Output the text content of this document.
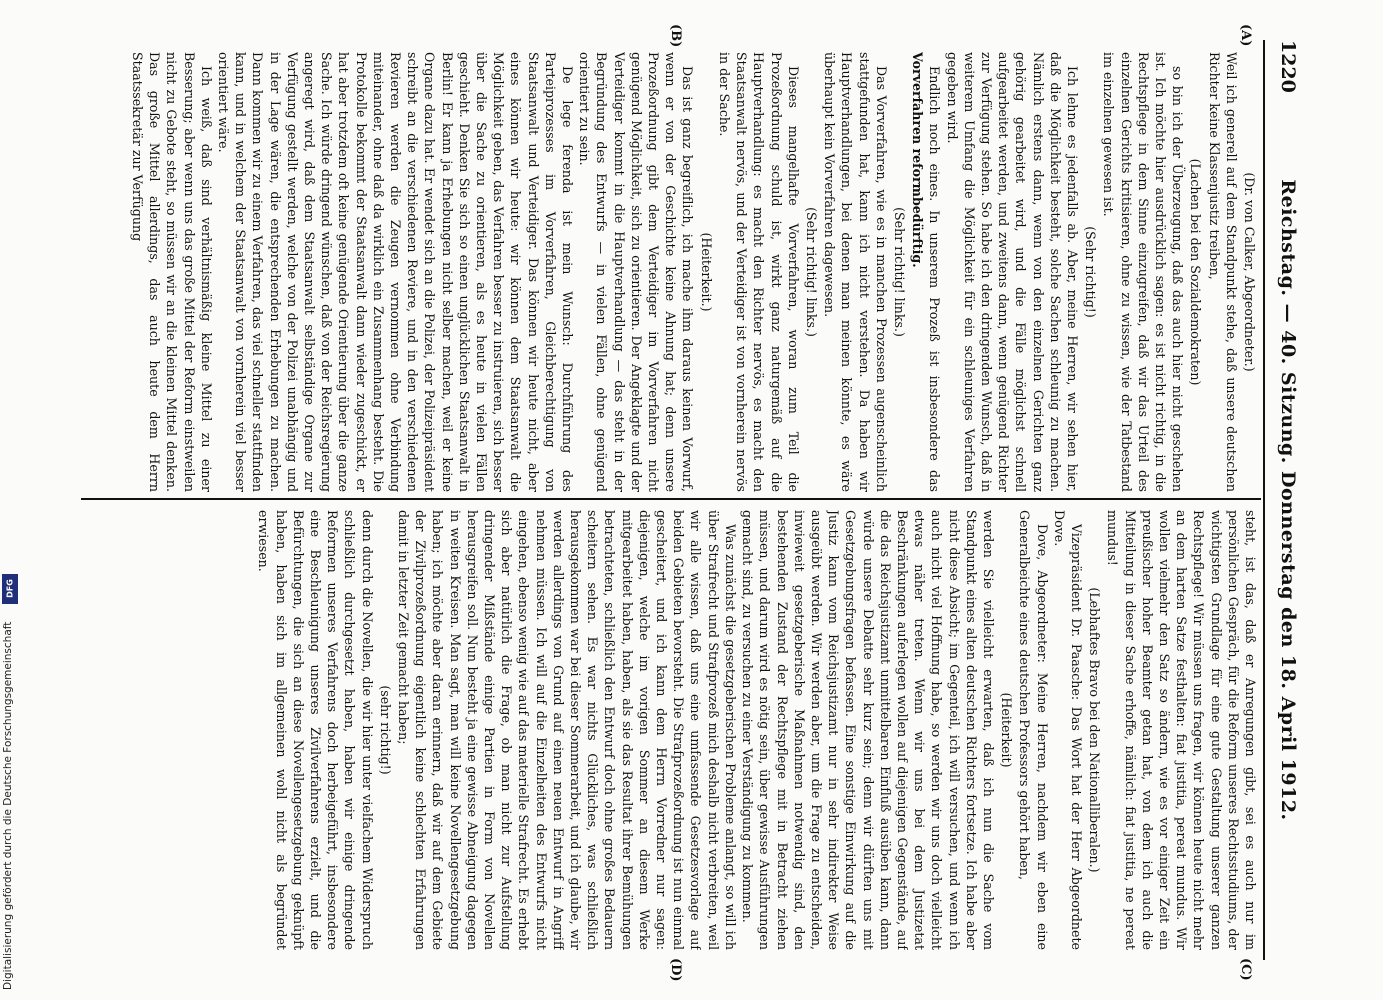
1220
Reichstag. — 40. Sitzung. Donnerstag den 18. April 1912.
(A)
(B)
(C)
(D)

(Dr. von Calker, Abgeordneter.)

Weil ich generell auf dem Standpunkt stehe, daß unsere deutschen Richter keine Klassenjustiz treiben,

(Lachen bei den Sozialdemokraten)

so bin ich der Überzeugung, daß das auch hier nicht geschehen ist. Ich möchte hier ausdrücklich sagen: es ist nicht richtig, in die Rechtspflege in dem Sinne einzugreifen, daß wir das Urteil des einzelnen Gerichts kritisieren, ohne zu wissen, wie der Tatbestand im einzelnen gewesen ist.

(Sehr richtig!)

Ich lehne es jedenfalls ab. Aber, meine Herren, wir sehen hier, daß die Möglichkeit besteht, solche Sachen schleunig zu machen. Nämlich erstens dann, wenn von den einzelnen Gerichten ganz gehörig gearbeitet wird, und die Fälle möglichst schnell aufgearbeitet werden, und zweitens dann, wenn genügend Richter zur Verfügung stehen. So habe ich den dringenden Wunsch, daß in weiterem Umfang die Möglichkeit für ein schleuniges Verfahren gegeben wird.

Endlich noch eines. In unserem Prozeß ist insbesondere das Vorverfahren reformbedürftig.

(Sehr richtig! links.)

Das Vorverfahren, wie es in manchen Prozessen augenscheinlich stattgefunden hat, kann ich nicht verstehen. Da haben wir Hauptverhandlungen, bei denen man meinen könnte, es wäre überhaupt kein Vorverfahren dagewesen.

(Sehr richtig! links.)

Dieses mangelhafte Vorverfahren, woran zum Teil die Prozeßordnung schuld ist, wirkt ganz naturgemäß auf die Hauptverhandlung: es macht den Richter nervös, es macht den Staatsanwalt nervös, und der Verteidiger ist von vornherein nervös in der Sache.

(Heiterkeit.)

Das ist ganz begreiflich, ich mache ihm daraus keinen Vorwurf, wenn er von der Geschichte keine Ahnung hat; denn unsere Prozeßordnung gibt dem Verteidiger im Vorverfahren nicht genügend Möglichkeit, sich zu orientieren. Der Angeklagte und der Verteidiger kommt in die Hauptverhandlung — das steht in der Begründung des Entwurfs — in vielen Fällen, ohne genügend orientiert zu sein.

De lege ferenda ist mein Wunsch: Durchführung des Parteiprozesses im Vorverfahren, Gleichberechtigung von Staatsanwalt und Verteidiger. Das können wir heute nicht, aber eines können wir heute: wir können dem Staatsanwalt die Möglichkeit geben, das Verfahren besser zu instruieren, sich besser über die Sache zu orientieren, als es heute in vielen Fällen geschieht. Denken Sie sich so einen unglücklichen Staatsanwalt in Berlin! Er kann ja Erhebungen nicht selber machen, weil er keine Organe dazu hat. Er wendet sich an die Polizei, der Polizeipräsident schreibt an die verschiedenen Reviere, und in den verschiedenen Revieren werden die Zeugen vernommen ohne Verbindung miteinander, ohne daß da wirklich ein Zusammenhang besteht. Die Protokolle bekommt der Staatsanwalt dann wieder zugeschickt, er hat aber trotzdem oft keine genügende Orientierung über die ganze Sache. Ich würde dringend wünschen, daß von der Reichsregierung angeregt wird, daß dem Staatsanwalt selbständige Organe zur Verfügung gestellt werden, welche von der Polizei unabhängig und in der Lage wären, die entsprechenden Erhebungen zu machen. Dann kommen wir zu einem Verfahren, das viel schneller stattfinden kann, und in welchem der Staatsanwalt von vornherein viel besser orientiert wäre.

Ich weiß, daß sind verhältnismäßig kleine Mittel zu einer Besserung; aber wenn uns das große Mittel der Reform einstweilen nicht zu Gebote steht, so müssen wir an die kleinen Mittel denken. Das große Mittel allerdings, das auch heute dem Herrn Staatssekretär zur Verfügung

steht, ist das, daß er Anregungen gibt, sei es auch nur im persönlichen Gespräch, für die Reform unseres Rechtsstudiums, der wichtigsten Grundlage für eine gute Gestaltung unserer ganzen Rechtspflege! Wir müssen uns fragen, wir können heute nicht mehr an dem harten Satze festhalten: fiat justitia, pereat mundus. Wir wollen vielmehr den Satz so ändern, wie es vor einiger Zeit ein preußischer hoher Beamter getan hat, von dem ich auch die Mitteilung in dieser Sache erhoffe, nämlich: fiat justitia, ne pereat mundus!

(Lebhaftes Bravo bei den Nationalliberalen.)

Vizepräsident Dr. Paasche: Das Wort hat der Herr Abgeordnete Dove.

Dove, Abgeordneter: Meine Herren, nachdem wir eben eine Generalbeichte eines deutschen Professors gehört haben,

(Heiterkeit)

werden Sie vielleicht erwarten, daß ich nun die Sache vom Standpunkt eines alten deutschen Richters fortsetze. Ich habe aber nicht diese Absicht; im Gegenteil, ich will versuchen, und wenn ich auch nicht viel Hoffnung habe, so werden wir uns doch vielleicht etwas näher treten. Wenn wir uns bei dem Justizetat Beschränkungen auferlegen wollen auf diejenigen Gegenstände, auf die das Reichsjustizamt unmittelbaren Einfluß ausüben kann, dann würde unsere Debatte sehr kurz sein; denn wir dürften uns mit Gesetzgebungsfragen befassen. Eine sonstige Einwirkung auf die Justiz kann vom Reichsjustizamt nur in sehr indirekter Weise ausgeübt werden. Wir werden aber, um die Frage zu entscheiden, inwieweit gesetzgeberische Maßnahmen notwendig sind, den bestehenden Zustand der Rechtspflege mit in Betracht ziehen müssen, und darum wird es nötig sein, über gewisse Ausführungen gemacht sind, zu versuchen zu einer Verständigung zu kommen.

Was zunächst die gesetzgeberischen Probleme anlangt, so will ich über Strafrecht und Strafprozeß mich deshalb nicht verbreiten, weil wir alle wissen, daß uns eine umfassende Gesetzesvorlage auf beiden Gebieten bevorsteht. Die Strafprozeßordnung ist nun einmal gescheitert, und ich kann dem Herrn Vorredner nur sagen: diejenigen, welche im vorigen Sommer an diesem Werke mitgearbeitet haben, haben, als sie das Resultat ihrer Bemühungen betrachteten, schließlich den Entwurf doch ohne großes Bedauern scheitern sehen. Es war nichts Glückliches, was schließlich herausgekommen war bei dieser Sommerarbeit, und ich glaube, wir werden allerdings von Grund auf einen neuen Entwurf in Angriff nehmen müssen. Ich will auf die Einzelheiten des Entwurfs nicht eingehen, ebenso wenig wie auf das materielle Strafrecht. Es erhebt sich aber natürlich die Frage, ob man nicht zur Aufstellung dringender Mißstände einige Partien in Form von Novellen herausgreifen soll. Nun besteht ja eine gewisse Abneigung dagegen in weiten Kreisen. Man sagt, man will keine Novellengesetzgebung haben; ich möchte aber daran erinnern, daß wir auf dem Gebiete der Zivilprozeßordnung eigentlich keine schlechten Erfahrungen damit in letzter Zeit gemacht haben;

(sehr richtig!)

denn durch die Novellen, die wir hier unter vielfachem Widerspruch schließlich durchgesetzt haben, haben wir einige dringende Reformen unseres Verfahrens doch herbeigeführt, insbesondere eine Beschleunigung unseres Zivilverfahrens erzielt, und die Befürchtungen, die sich an diese Novellengesetzgebung geknüpft haben, haben sich im allgemeinen wohl nicht als begründet erwiesen.

DFG
Digitalisierung gefördert durch die Deutsche Forschungsgemeinschaft
